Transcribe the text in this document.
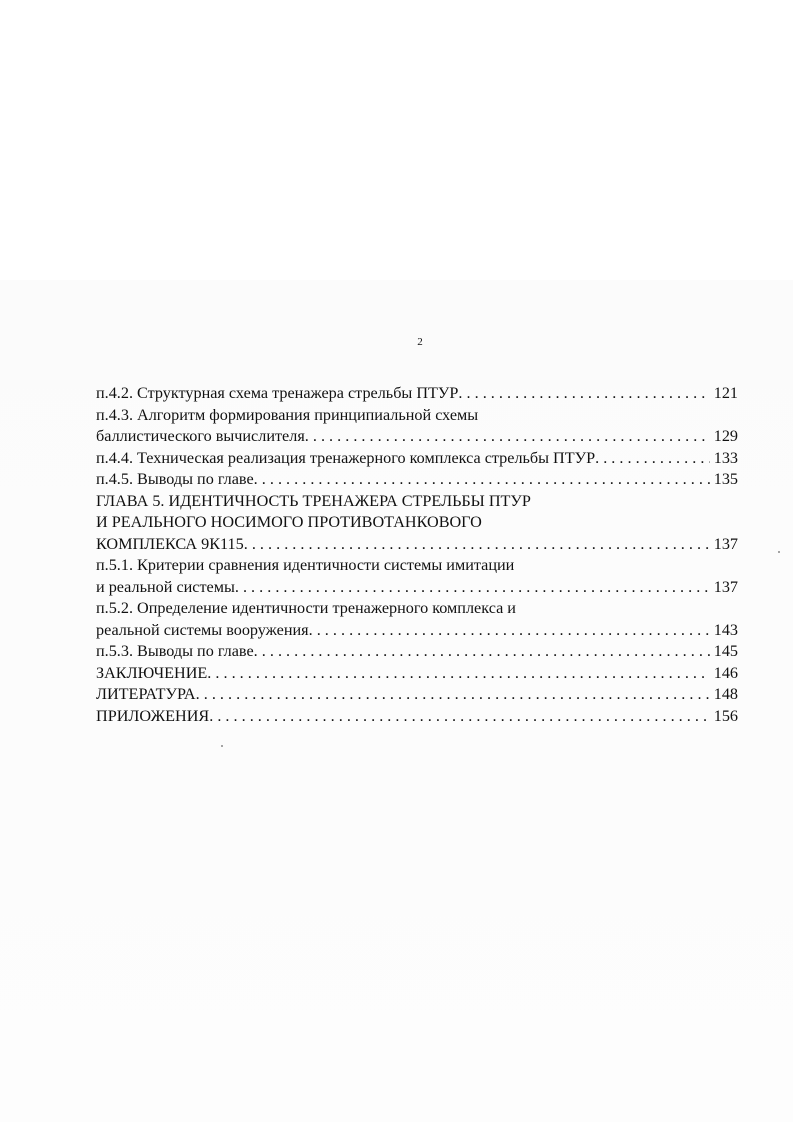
2
п.4.2. Структурная схема тренажера стрельбы ПТУР . . .	121
п.4.3. Алгоритм формирования принципиальной схемы
баллистического вычислителя . . .	129
п.4.4. Техническая реализация тренажерного комплекса стрельбы ПТУР . . .	133
п.4.5. Выводы по главе . . .	135
ГЛАВА 5. ИДЕНТИЧНОСТЬ ТРЕНАЖЕРА СТРЕЛЬБЫ ПТУР
И РЕАЛЬНОГО НОСИМОГО ПРОТИВОТАНКОВОГО
КОМПЛЕКСА 9К115 . . .	137
п.5.1. Критерии сравнения идентичности системы имитации
и реальной системы . . .	137
п.5.2. Определение идентичности тренажерного комплекса и
реальной системы вооружения . . .	143
п.5.3. Выводы по главе . . .	145
ЗАКЛЮЧЕНИЕ . . .	146
ЛИТЕРАТУРА . . .	148
ПРИЛОЖЕНИЯ . . .	156
